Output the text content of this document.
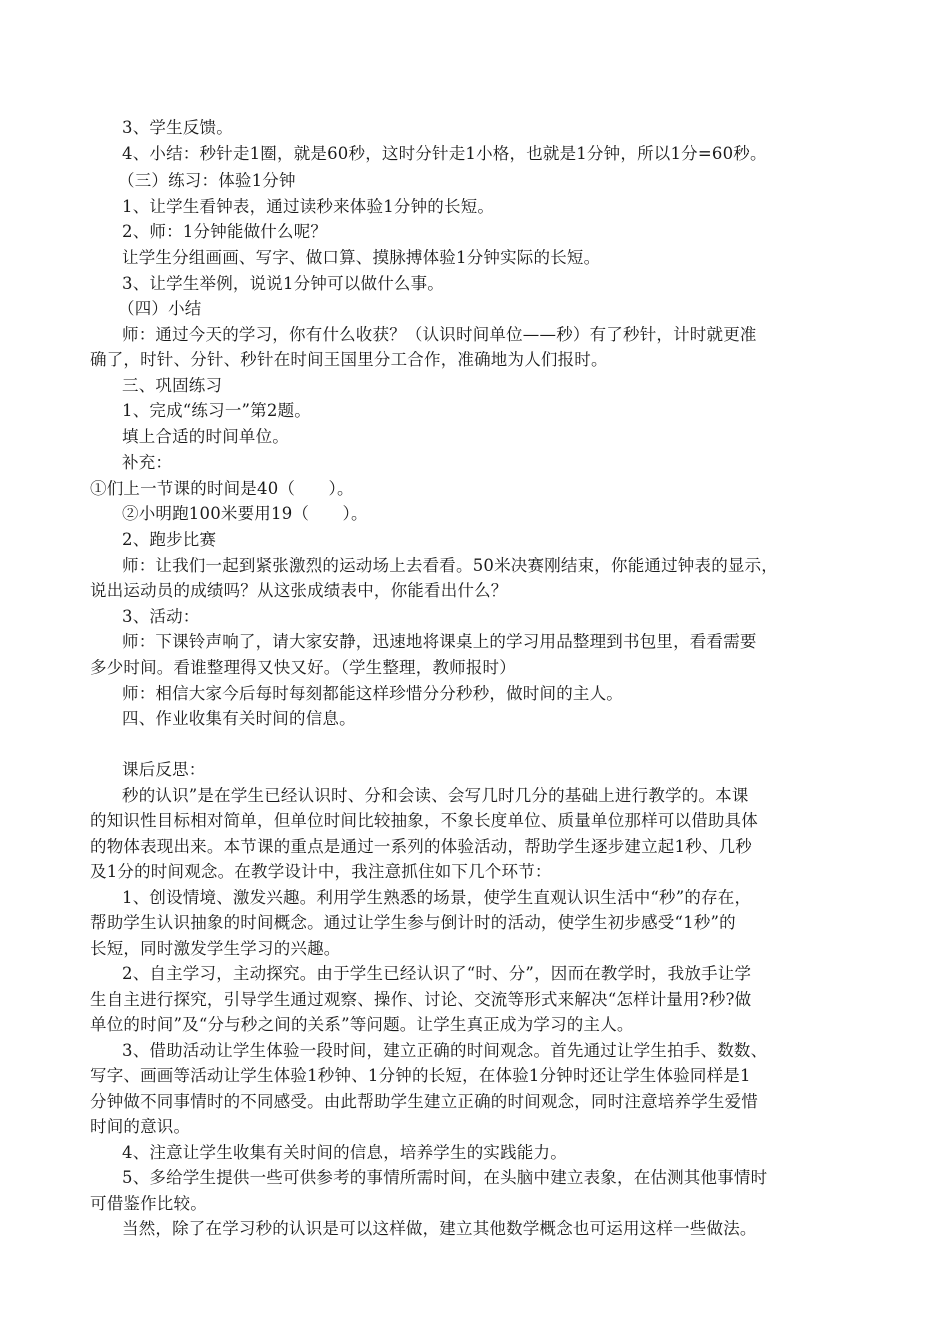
3、学生反馈。
4、小结：秒针走1圈，就是60秒，这时分针走1小格，也就是1分钟，所以1分=60秒。
（三）练习：体验1分钟
1、让学生看钟表，通过读秒来体验1分钟的长短。
2、师：1分钟能做什么呢？
让学生分组画画、写字、做口算、摸脉搏体验1分钟实际的长短。
3、让学生举例，说说1分钟可以做什么事。
（四）小结
师：通过今天的学习，你有什么收获？（认识时间单位——秒）有了秒针，计时就更准
确了，时针、分针、秒针在时间王国里分工合作，准确地为人们报时。
三、巩固练习
1、完成“练习一”第2题。
填上合适的时间单位。
补充：
①们上一节课的时间是40（　　）。
②小明跑100米要用19（　　）。
2、跑步比赛
师：让我们一起到紧张激烈的运动场上去看看。50米决赛刚结束，你能通过钟表的显示，
说出运动员的成绩吗？从这张成绩表中，你能看出什么？
3、活动：
师：下课铃声响了，请大家安静，迅速地将课桌上的学习用品整理到书包里，看看需要
多少时间。看谁整理得又快又好。（学生整理，教师报时）
师：相信大家今后每时每刻都能这样珍惜分分秒秒，做时间的主人。
四、作业收集有关时间的信息。
课后反思：
秒的认识”是在学生已经认识时、分和会读、会写几时几分的基础上进行教学的。本课
的知识性目标相对简单，但单位时间比较抽象，不象长度单位、质量单位那样可以借助具体
的物体表现出来。本节课的重点是通过一系列的体验活动，帮助学生逐步建立起1秒、几秒
及1分的时间观念。在教学设计中，我注意抓住如下几个环节：
1、创设情境、激发兴趣。利用学生熟悉的场景，使学生直观认识生活中“秒”的存在，
帮助学生认识抽象的时间概念。通过让学生参与倒计时的活动，使学生初步感受“1秒”的
长短，同时激发学生学习的兴趣。
2、自主学习，主动探究。由于学生已经认识了“时、分”，因而在教学时，我放手让学
生自主进行探究，引导学生通过观察、操作、讨论、交流等形式来解决“怎样计量用?秒?做
单位的时间”及“分与秒之间的关系”等问题。让学生真正成为学习的主人。
3、借助活动让学生体验一段时间，建立正确的时间观念。首先通过让学生拍手、数数、
写字、画画等活动让学生体验1秒钟、1分钟的长短，在体验1分钟时还让学生体验同样是1
分钟做不同事情时的不同感受。由此帮助学生建立正确的时间观念，同时注意培养学生爱惜
时间的意识。
4、注意让学生收集有关时间的信息，培养学生的实践能力。
5、多给学生提供一些可供参考的事情所需时间，在头脑中建立表象，在估测其他事情时
可借鉴作比较。
当然，除了在学习秒的认识是可以这样做，建立其他数学概念也可运用这样一些做法。
